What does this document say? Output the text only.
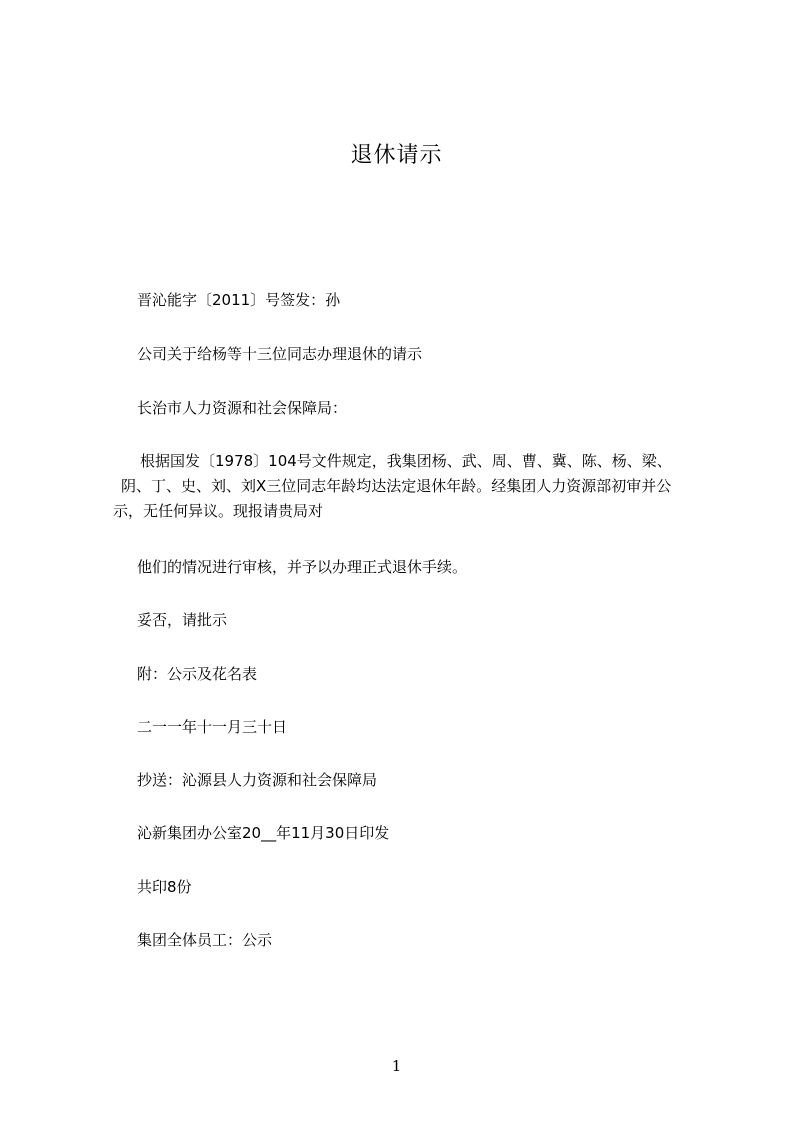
退休请示
晋沁能字〔2011〕号签发：孙
公司关于给杨等十三位同志办理退休的请示
长治市人力资源和社会保障局：
根据国发〔1978〕104号文件规定，我集团杨、武、周、曹、冀、陈、杨、梁、
阴、丁、史、刘、刘X三位同志年龄均达法定退休年龄。经集团人力资源部初审并公
示，无任何异议。现报请贵局对
他们的情况进行审核，并予以办理正式退休手续。
妥否，请批示
附：公示及花名表
二一一年十一月三十日
抄送：沁源县人力资源和社会保障局
沁新集团办公室20__年11月30日印发
共印8份
集团全体员工：公示
1
